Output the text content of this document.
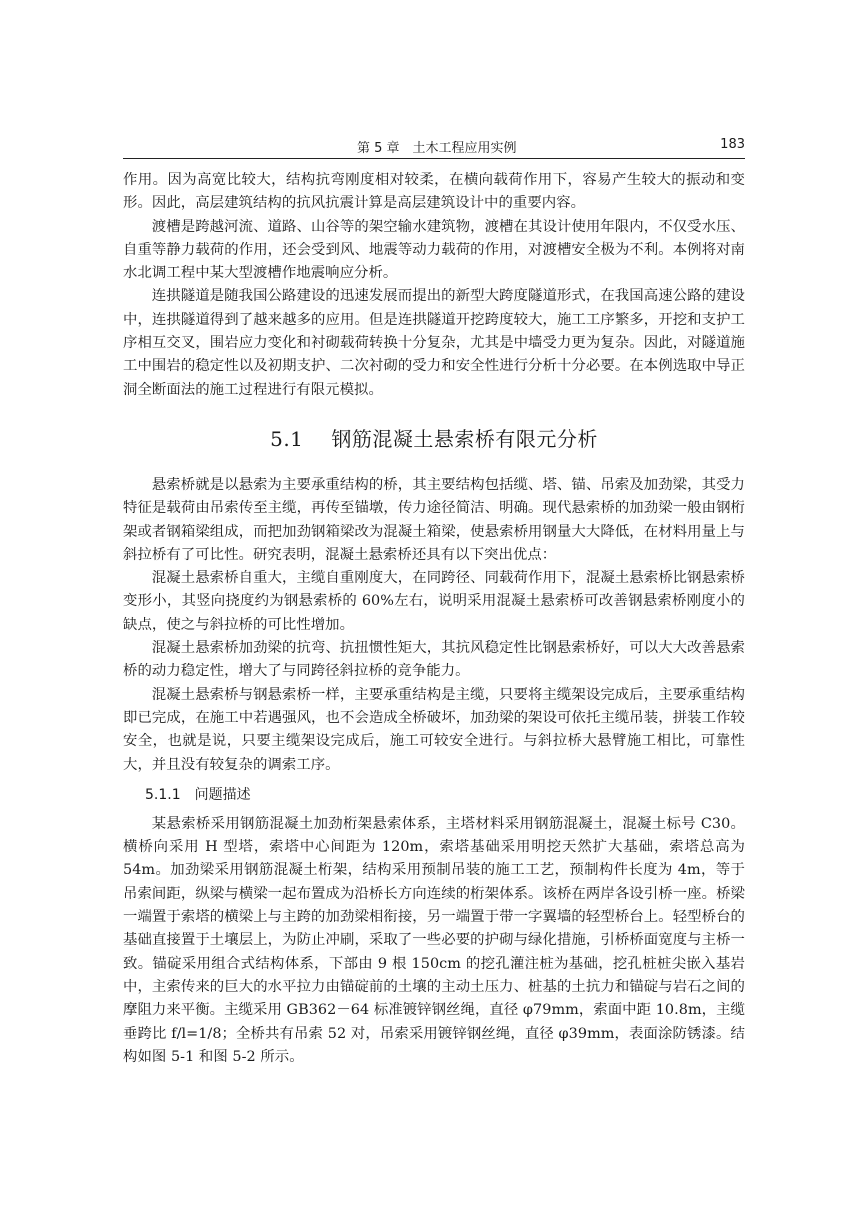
第 5 章　土木工程应用实例	183

作用。因为高宽比较大，结构抗弯刚度相对较柔，在横向载荷作用下，容易产生较大的振动和变形。因此，高层建筑结构的抗风抗震计算是高层建筑设计中的重要内容。

渡槽是跨越河流、道路、山谷等的架空输水建筑物，渡槽在其设计使用年限内，不仅受水压、自重等静力载荷的作用，还会受到风、地震等动力载荷的作用，对渡槽安全极为不利。本例将对南水北调工程中某大型渡槽作地震响应分析。

连拱隧道是随我国公路建设的迅速发展而提出的新型大跨度隧道形式，在我国高速公路的建设中，连拱隧道得到了越来越多的应用。但是连拱隧道开挖跨度较大，施工工序繁多，开挖和支护工序相互交叉，围岩应力变化和衬砌载荷转换十分复杂，尤其是中墙受力更为复杂。因此，对隧道施工中围岩的稳定性以及初期支护、二次衬砌的受力和安全性进行分析十分必要。在本例选取中导正洞全断面法的施工过程进行有限元模拟。

5.1 钢筋混凝土悬索桥有限元分析

悬索桥就是以悬索为主要承重结构的桥，其主要结构包括缆、塔、锚、吊索及加劲梁，其受力特征是载荷由吊索传至主缆，再传至锚墩，传力途径简洁、明确。现代悬索桥的加劲梁一般由钢桁架或者钢箱梁组成，而把加劲钢箱梁改为混凝土箱梁，使悬索桥用钢量大大降低，在材料用量上与斜拉桥有了可比性。研究表明，混凝土悬索桥还具有以下突出优点：

混凝土悬索桥自重大，主缆自重刚度大，在同跨径、同载荷作用下，混凝土悬索桥比钢悬索桥变形小，其竖向挠度约为钢悬索桥的 60%左右，说明采用混凝土悬索桥可改善钢悬索桥刚度小的缺点，使之与斜拉桥的可比性增加。

混凝土悬索桥加劲梁的抗弯、抗扭惯性矩大，其抗风稳定性比钢悬索桥好，可以大大改善悬索桥的动力稳定性，增大了与同跨径斜拉桥的竞争能力。

混凝土悬索桥与钢悬索桥一样，主要承重结构是主缆，只要将主缆架设完成后，主要承重结构即已完成，在施工中若遇强风，也不会造成全桥破坏，加劲梁的架设可依托主缆吊装，拼装工作较安全，也就是说，只要主缆架设完成后，施工可较安全进行。与斜拉桥大悬臂施工相比，可靠性大，并且没有较复杂的调索工序。

5.1.1 问题描述

某悬索桥采用钢筋混凝土加劲桁架悬索体系，主塔材料采用钢筋混凝土，混凝土标号 C30。横桥向采用 H 型塔，索塔中心间距为 120m，索塔基础采用明挖天然扩大基础，索塔总高为 54m。加劲梁采用钢筋混凝土桁架，结构采用预制吊装的施工工艺，预制构件长度为 4m，等于吊索间距，纵梁与横梁一起布置成为沿桥长方向连续的桁架体系。该桥在两岸各设引桥一座。桥梁一端置于索塔的横梁上与主跨的加劲梁相衔接，另一端置于带一字翼墙的轻型桥台上。轻型桥台的基础直接置于土壤层上，为防止冲刷，采取了一些必要的护砌与绿化措施，引桥桥面宽度与主桥一致。锚碇采用组合式结构体系，下部由 9 根 150cm 的挖孔灌注桩为基础，挖孔桩桩尖嵌入基岩中，主索传来的巨大的水平拉力由锚碇前的土壤的主动土压力、桩基的土抗力和锚碇与岩石之间的摩阻力来平衡。主缆采用 GB362－64 标准镀锌钢丝绳，直径 φ79mm，索面中距 10.8m，主缆垂跨比 f/l=1/8；全桥共有吊索 52 对，吊索采用镀锌钢丝绳，直径 φ39mm，表面涂防锈漆。结构如图 5-1 和图 5-2 所示。
